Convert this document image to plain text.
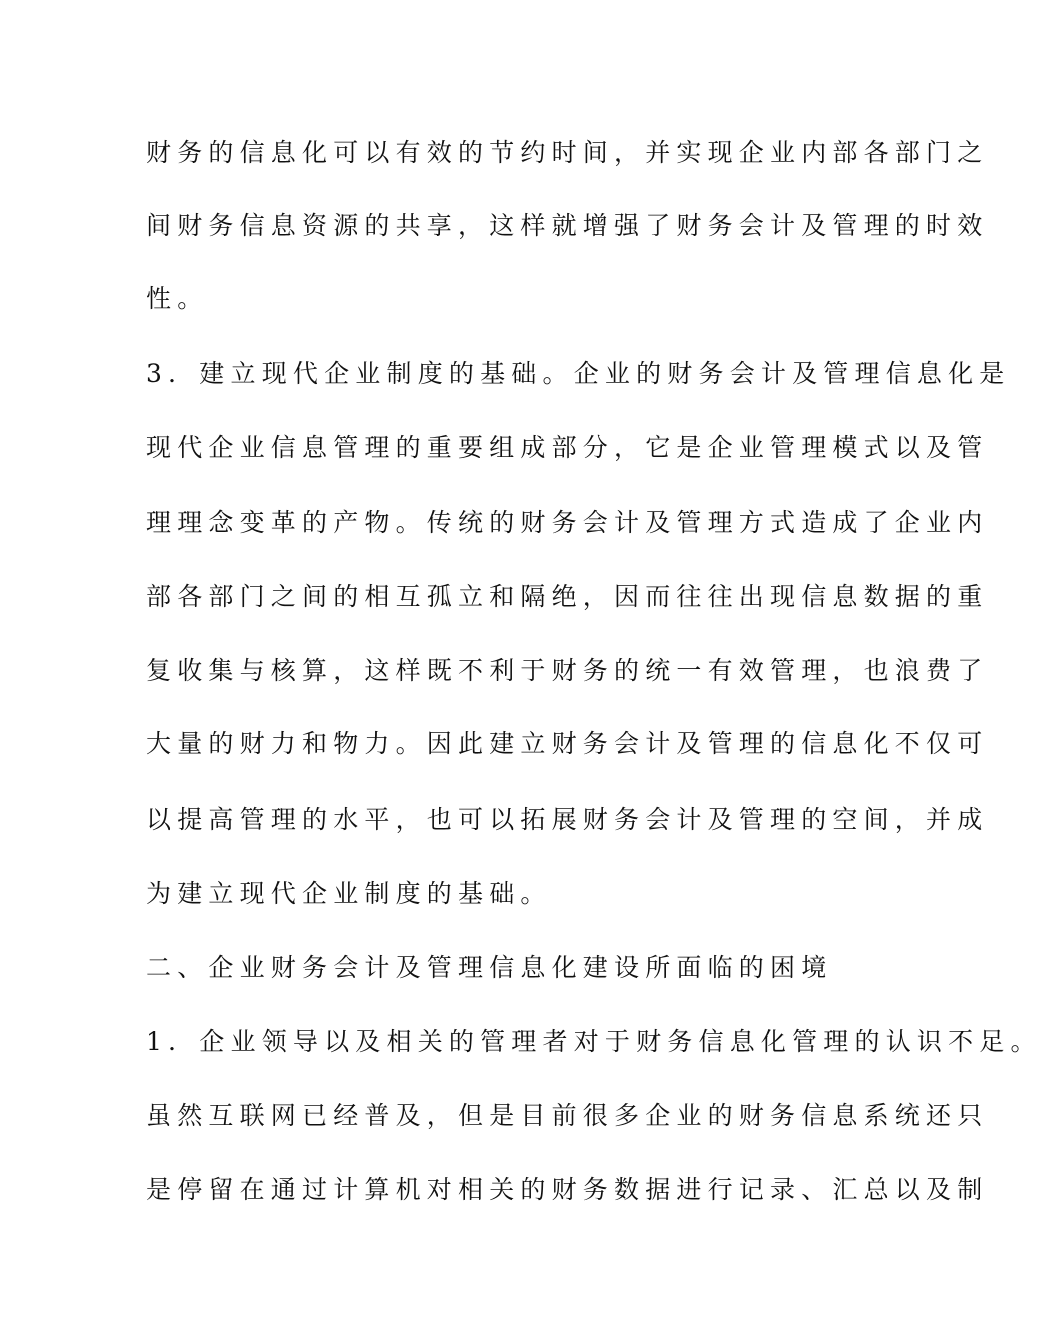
财务的信息化可以有效的节约时间，并实现企业内部各部门之
间财务信息资源的共享，这样就增强了财务会计及管理的时效
性。
3．建立现代企业制度的基础。企业的财务会计及管理信息化是
现代企业信息管理的重要组成部分，它是企业管理模式以及管
理理念变革的产物。传统的财务会计及管理方式造成了企业内
部各部门之间的相互孤立和隔绝，因而往往出现信息数据的重
复收集与核算，这样既不利于财务的统一有效管理，也浪费了
大量的财力和物力。因此建立财务会计及管理的信息化不仅可
以提高管理的水平，也可以拓展财务会计及管理的空间，并成
为建立现代企业制度的基础。
二、企业财务会计及管理信息化建设所面临的困境
1．企业领导以及相关的管理者对于财务信息化管理的认识不足。
虽然互联网已经普及，但是目前很多企业的财务信息系统还只
是停留在通过计算机对相关的财务数据进行记录、汇总以及制
